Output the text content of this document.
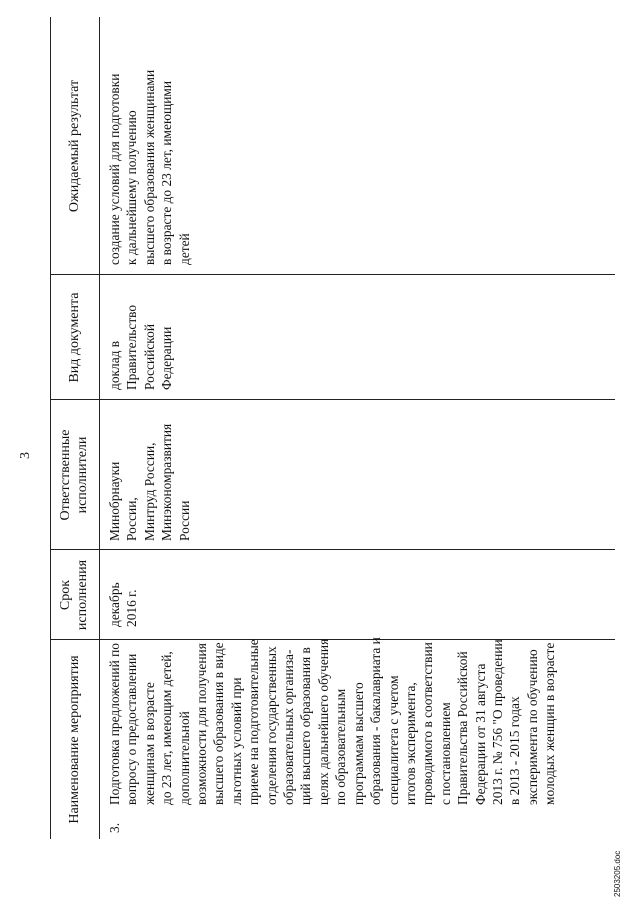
3
Наименование мероприятия
Срок
исполнения
Ответственные
исполнители
Вид документа
Ожидаемый результат
3.
Подготовка предложений по
вопросу о предоставлении
женщинам в возрасте
до 23 лет, имеющим детей,
дополнительной
возможности для получения
высшего образования в виде
льготных условий при
приеме на подготовительные
отделения государственных
образовательных организа-
ций высшего образования в
целях дальнейшего обучения
по образовательным
программам высшего
образования - бакалавриата и
специалитета с учетом
итогов эксперимента,
проводимого в соответствии
с постановлением
Правительства Российской
Федерации от 31 августа
2013 г. № 756 "О проведении
в 2013 - 2015 годах
эксперимента по обучению
молодых женщин в возрасте
декабрь
2016 г.
Минобрнауки
России,
Минтруд России,
Минэкономразвития
России
доклад в
Правительство
Российской
Федерации
создание условий для подготовки
к дальнейшему получению
высшего образования женщинами
в возрасте до 23 лет, имеющими
детей
2503205.doc
